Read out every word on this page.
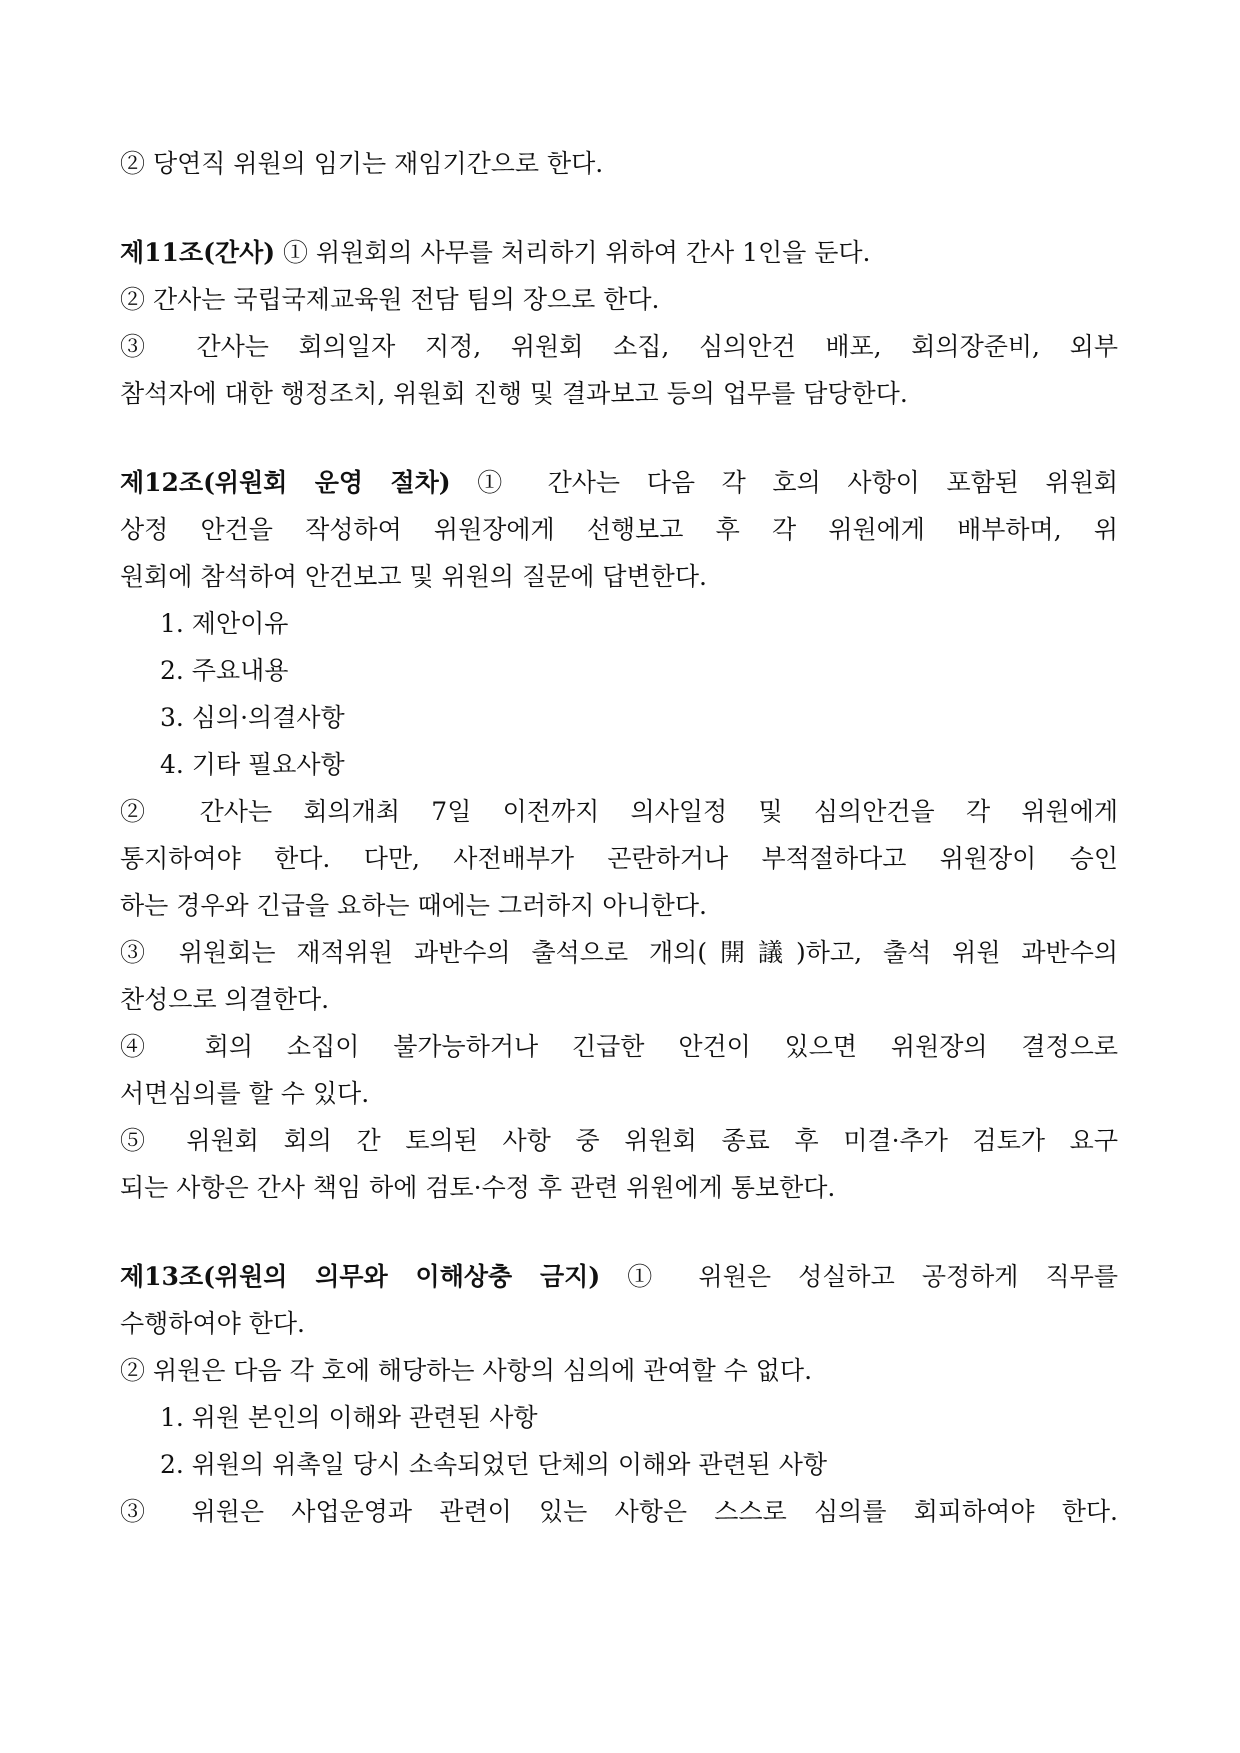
② 당연직 위원의 임기는 재임기간으로 한다.
제11조(간사) ① 위원회의 사무를 처리하기 위하여 간사 1인을 둔다.
② 간사는 국립국제교육원 전담 팀의 장으로 한다.
③ 간사는 회의일자 지정, 위원회 소집, 심의안건 배포, 회의장준비, 외부
참석자에 대한 행정조치, 위원회 진행 및 결과보고 등의 업무를 담당한다.
제12조(위원회 운영 절차) ① 간사는 다음 각 호의 사항이 포함된 위원회
상정 안건을 작성하여 위원장에게 선행보고 후 각 위원에게 배부하며, 위
원회에 참석하여 안건보고 및 위원의 질문에 답변한다.
1. 제안이유
2. 주요내용
3. 심의·의결사항
4. 기타 필요사항
② 간사는 회의개최 7일 이전까지 의사일정 및 심의안건을 각 위원에게
통지하여야 한다. 다만, 사전배부가 곤란하거나 부적절하다고 위원장이 승인
하는 경우와 긴급을 요하는 때에는 그러하지 아니한다.
③ 위원회는 재적위원 과반수의 출석으로 개의(開議)하고, 출석 위원 과반수의
찬성으로 의결한다.
④ 회의 소집이 불가능하거나 긴급한 안건이 있으면 위원장의 결정으로
서면심의를 할 수 있다.
⑤ 위원회 회의 간 토의된 사항 중 위원회 종료 후 미결·추가 검토가 요구
되는 사항은 간사 책임 하에 검토·수정 후 관련 위원에게 통보한다.
제13조(위원의 의무와 이해상충 금지) ① 위원은 성실하고 공정하게 직무를
수행하여야 한다.
② 위원은 다음 각 호에 해당하는 사항의 심의에 관여할 수 없다.
1. 위원 본인의 이해와 관련된 사항
2. 위원의 위촉일 당시 소속되었던 단체의 이해와 관련된 사항
③ 위원은 사업운영과 관련이 있는 사항은 스스로 심의를 회피하여야 한다.
